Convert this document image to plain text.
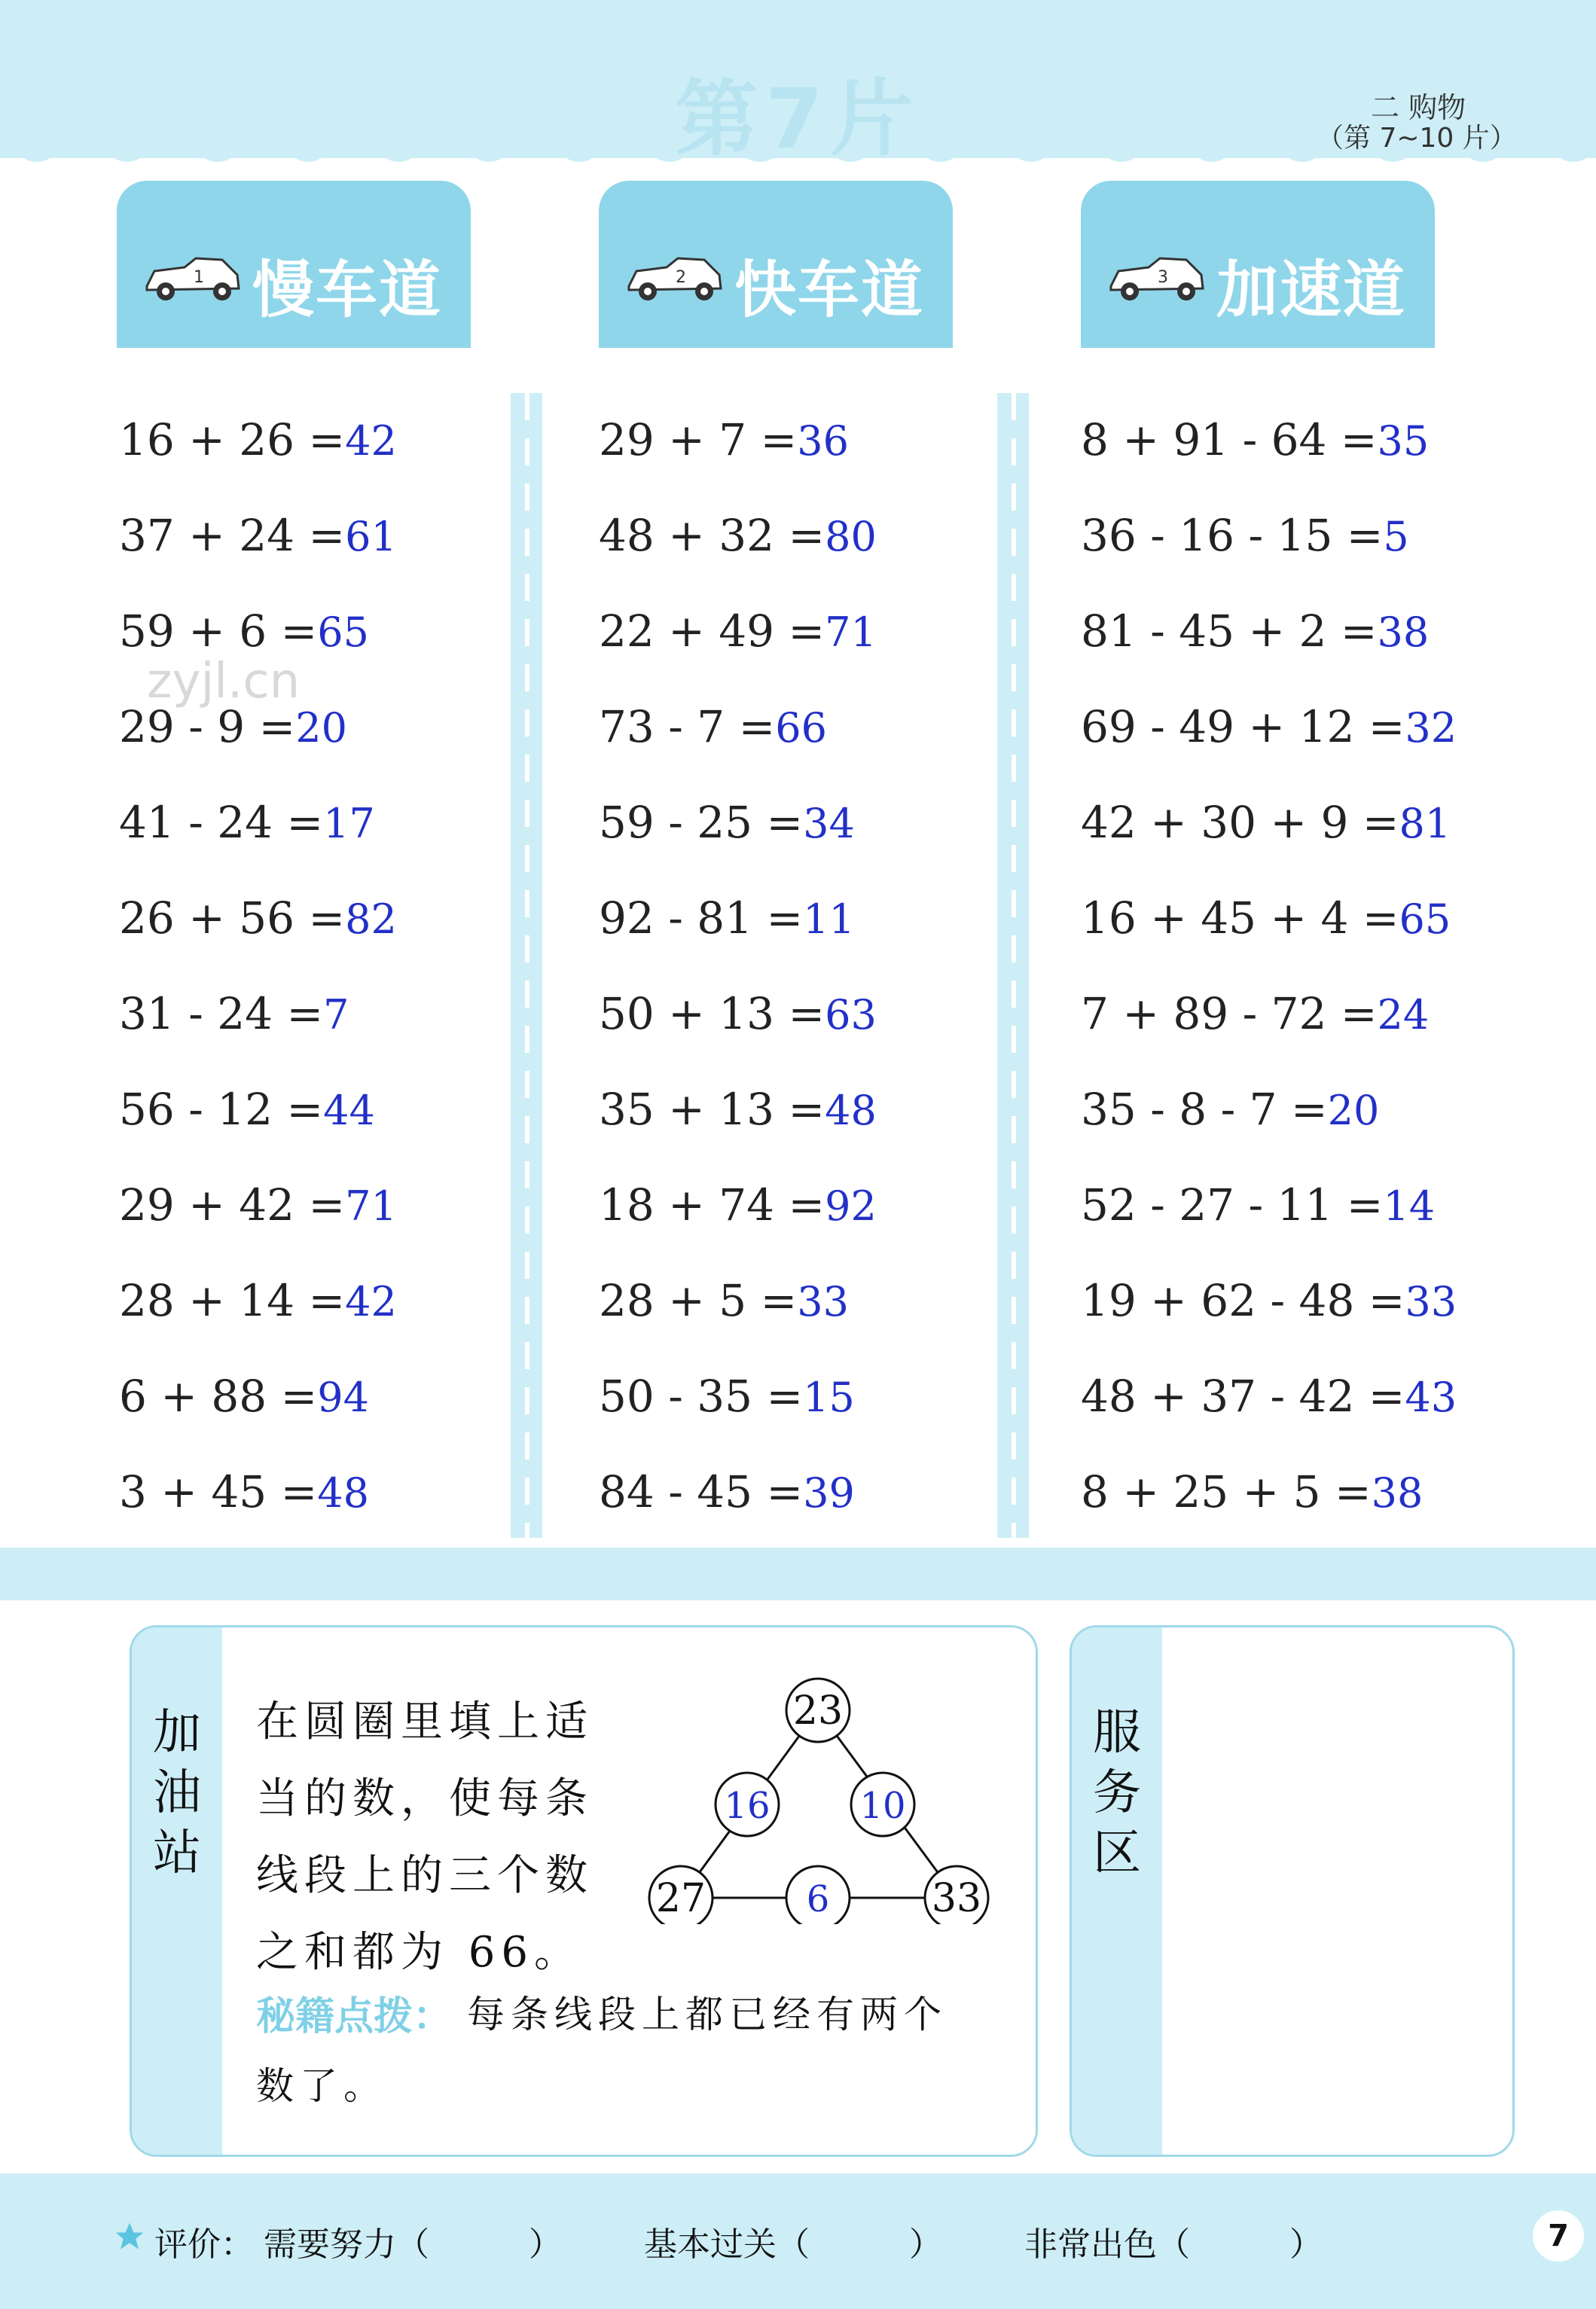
第7片	二 购物
（第 7~10 片）
1 慢车道	2 快车道	3 加速道
16 + 26 =42
37 + 24 =61
59 + 6 =65
29 - 9 =20
41 - 24 =17
26 + 56 =82
31 - 24 =7
56 - 12 =44
29 + 42 =71
28 + 14 =42
6 + 88 =94
3 + 45 =48
29 + 7 =36
48 + 32 =80
22 + 49 =71
73 - 7 =66
59 - 25 =34
92 - 81 =11
50 + 13 =63
35 + 13 =48
18 + 74 =92
28 + 5 =33
50 - 35 =15
84 - 45 =39
8 + 91 - 64 =35
36 - 16 - 15 =5
81 - 45 + 2 =38
69 - 49 + 12 =32
42 + 30 + 9 =81
16 + 45 + 4 =65
7 + 89 - 72 =24
35 - 8 - 7 =20
52 - 27 - 11 =14
19 + 62 - 48 =33
48 + 37 - 42 =43
8 + 25 + 5 =38
zyjl.cn
加油站
在圆圈里填上适
当的数，使每条
线段上的三个数
之和都为 66。
秘籍点拨： 每条线段上都已经有两个
数了。
23
16 10
27	6	33
服务区
评价： 需要努力（　　　） 基本过关（　　　） 非常出色（　　　）	7
